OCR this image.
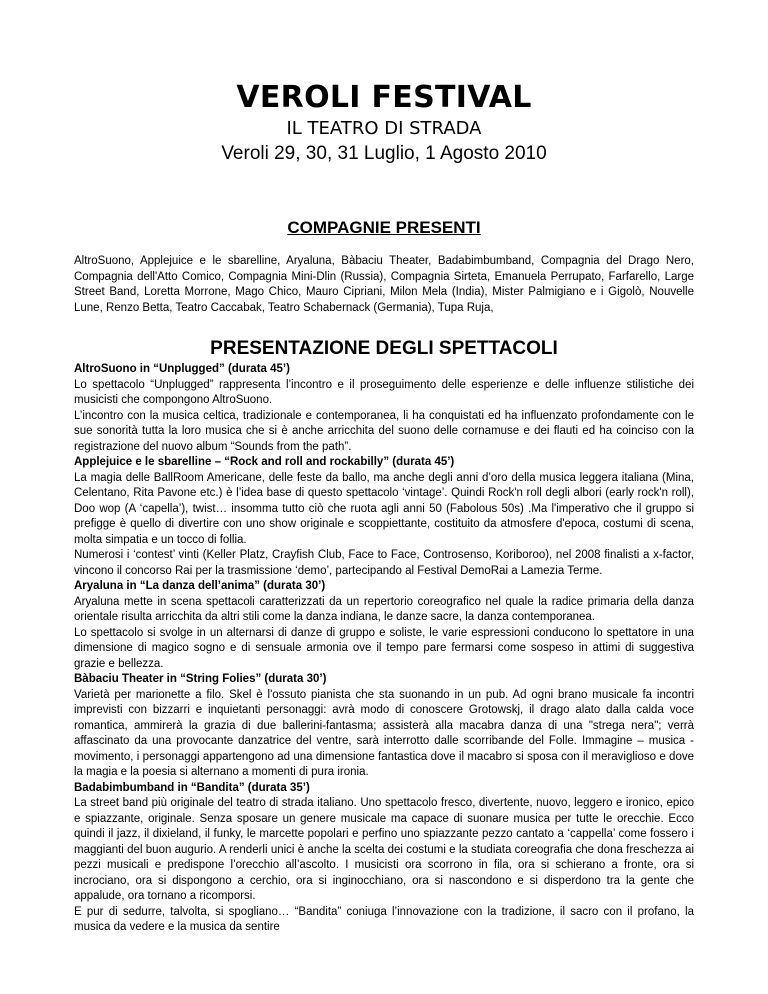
VEROLI FESTIVAL
IL TEATRO DI STRADA
Veroli 29, 30, 31 Luglio, 1 Agosto 2010
COMPAGNIE PRESENTI

AltroSuono, Applejuice e le sbarelline, Aryaluna, Bàbaciu Theater, Badabimbumband, Compagnia del Drago Nero, Compagnia dell'Atto Comico, Compagnia Mini-Dlin (Russia), Compagnia Sirteta, Emanuela Perrupato, Farfarello, Large Street Band, Loretta Morrone, Mago Chico, Mauro Cipriani, Milon Mela (India), Mister Palmigiano e i Gigolò, Nouvelle Lune, Renzo Betta, Teatro Caccabak, Teatro Schabernack (Germania), Tupa Ruja,

PRESENTAZIONE DEGLI SPETTACOLI

AltroSuono in “Unplugged” (durata 45’)

Lo spettacolo “Unplugged” rappresenta l’incontro e il proseguimento delle esperienze e delle influenze stilistiche dei musicisti che compongono AltroSuono.

L’incontro con la musica celtica, tradizionale e contemporanea, li ha conquistati ed ha influenzato profondamente con le sue sonorità tutta la loro musica che si è anche arricchita del suono delle cornamuse e dei flauti ed ha coinciso con la registrazione del nuovo album “Sounds from the path”.

Applejuice e le sbarelline – “Rock and roll and rockabilly” (durata 45’)

La magia delle BallRoom Americane, delle feste da ballo, ma anche degli anni d’oro della musica leggera italiana (Mina, Celentano, Rita Pavone etc.) è l’idea base di questo spettacolo ‘vintage’. Quindi Rock'n roll degli albori (early rock'n roll), Doo wop (A ‘capella’), twist… insomma tutto ciò che ruota agli anni 50 (Fabolous 50s) .Ma l'imperativo che il gruppo si prefigge è quello di divertire con uno show originale e scoppiettante, costituito da atmosfere d'epoca, costumi di scena, molta simpatia e un tocco di follia.

Numerosi i ‘contest’ vinti (Keller Platz, Crayfish Club, Face to Face, Controsenso, Koriboroo), nel 2008 finalisti a x-factor, vincono il concorso Rai per la trasmissione ‘demo’, partecipando al Festival DemoRai a Lamezia Terme.

Aryaluna in “La danza dell’anima” (durata 30’)

Aryaluna mette in scena spettacoli caratterizzati da un repertorio coreografico nel quale la radice primaria della danza orientale risulta arricchita da altri stili come la danza indiana, le danze sacre, la danza contemporanea.

Lo spettacolo si svolge in un alternarsi di danze di gruppo e soliste, le varie espressioni conducono lo spettatore in una dimensione di magico sogno e di sensuale armonia ove il tempo pare fermarsi come sospeso in attimi di suggestiva grazie e bellezza.

Bàbaciu Theater in “String Folies” (durata 30’)

Varietà per marionette a filo. Skel è l'ossuto pianista che sta suonando in un pub. Ad ogni brano musicale fa incontri imprevisti con bizzarri e inquietanti personaggi: avrà modo di conoscere Grotowskj, il drago alato dalla calda voce romantica, ammirerà la grazia di due ballerini-fantasma; assisterà alla macabra danza di una "strega nera"; verrà affascinato da una provocante danzatrice del ventre, sarà interrotto dalle scorribande del Folle. Immagine – musica - movimento, i personaggi appartengono ad una dimensione fantastica dove il macabro si sposa con il meraviglioso e dove la magia e la poesia si alternano a momenti di pura ironia.

Badabimbumband in “Bandita” (durata 35’)

La street band più originale del teatro di strada italiano. Uno spettacolo fresco, divertente, nuovo, leggero e ironico, epico e spiazzante, originale. Senza sposare un genere musicale ma capace di suonare musica per tutte le orecchie. Ecco quindi il jazz, il dixieland, il funky, le marcette popolari e perfino uno spiazzante pezzo cantato a ‘cappella’ come fossero i maggianti del buon augurio. A renderli unici è anche la scelta dei costumi e la studiata coreografia che dona freschezza ai pezzi musicali e predispone l’orecchio all’ascolto. I musicisti ora scorrono in fila, ora si schierano a fronte, ora si incrociano, ora si dispongono a cerchio, ora si inginocchiano, ora si nascondono e si disperdono tra la gente che appalude, ora tornano a ricomporsi.

E pur di sedurre, talvolta, si spogliano… “Bandita” coniuga l’innovazione con la tradizione, il sacro con il profano, la musica da vedere e la musica da sentire
